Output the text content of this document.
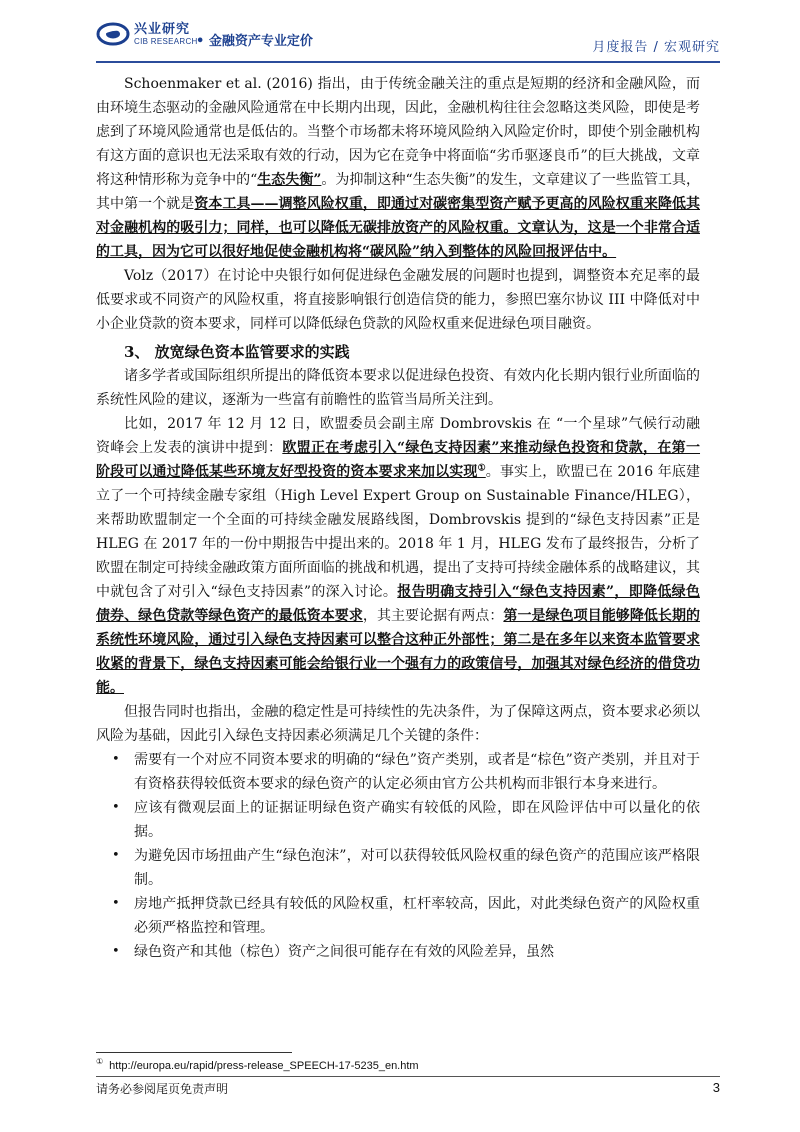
兴业研究
CIB RESEARCH
• 金融资产专业定价	月度报告 / 宏观研究

Schoenmaker et al. (2016) 指出，由于传统金融关注的重点是短期的经济和金融风险，而由环境生态驱动的金融风险通常在中长期内出现，因此，金融机构往往会忽略这类风险，即使是考虑到了环境风险通常也是低估的。当整个市场都未将环境风险纳入风险定价时，即使个别金融机构有这方面的意识也无法采取有效的行动，因为它在竞争中将面临“劣币驱逐良币”的巨大挑战，文章将这种情形称为竞争中的“生态失衡”。为抑制这种“生态失衡”的发生，文章建议了一些监管工具，其中第一个就是资本工具——调整风险权重，即通过对碳密集型资产赋予更高的风险权重来降低其对金融机构的吸引力；同样，也可以降低无碳排放资产的风险权重。文章认为，这是一个非常合适的工具，因为它可以很好地促使金融机构将“碳风险”纳入到整体的风险回报评估中。

Volz（2017）在讨论中央银行如何促进绿色金融发展的问题时也提到，调整资本充足率的最低要求或不同资产的风险权重，将直接影响银行创造信贷的能力，参照巴塞尔协议 III 中降低对中小企业贷款的资本要求，同样可以降低绿色贷款的风险权重来促进绿色项目融资。

3、 放宽绿色资本监管要求的实践

诸多学者或国际组织所提出的降低资本要求以促进绿色投资、有效内化长期内银行业所面临的系统性风险的建议，逐渐为一些富有前瞻性的监管当局所关注到。

比如，2017 年 12 月 12 日，欧盟委员会副主席 Dombrovskis 在 “一个星球”气候行动融资峰会上发表的演讲中提到：欧盟正在考虑引入“绿色支持因素”来推动绿色投资和贷款，在第一阶段可以通过降低某些环境友好型投资的资本要求来加以实现①。事实上，欧盟已在 2016 年底建立了一个可持续金融专家组（High Level Expert Group on Sustainable Finance/HLEG），来帮助欧盟制定一个全面的可持续金融发展路线图，Dombrovskis 提到的“绿色支持因素”正是 HLEG 在 2017 年的一份中期报告中提出来的。2018 年 1 月，HLEG 发布了最终报告，分析了欧盟在制定可持续金融政策方面所面临的挑战和机遇，提出了支持可持续金融体系的战略建议，其中就包含了对引入“绿色支持因素”的深入讨论。报告明确支持引入“绿色支持因素”，即降低绿色债券、绿色贷款等绿色资产的最低资本要求，其主要论据有两点：第一是绿色项目能够降低长期的系统性环境风险，通过引入绿色支持因素可以整合这种正外部性；第二是在多年以来资本监管要求收紧的背景下，绿色支持因素可能会给银行业一个强有力的政策信号，加强其对绿色经济的借贷功能。

但报告同时也指出，金融的稳定性是可持续性的先决条件，为了保障这两点，资本要求必须以风险为基础，因此引入绿色支持因素必须满足几个关键的条件：

• 需要有一个对应不同资本要求的明确的“绿色”资产类别，或者是“棕色”资产类别，并且对于有资格获得较低资本要求的绿色资产的认定必须由官方公共机构而非银行本身来进行。
• 应该有微观层面上的证据证明绿色资产确实有较低的风险，即在风险评估中可以量化的依据。
• 为避免因市场扭曲产生“绿色泡沫”，对可以获得较低风险权重的绿色资产的范围应该严格限制。
• 房地产抵押贷款已经具有较低的风险权重，杠杆率较高，因此，对此类绿色资产的风险权重必须严格监控和管理。
• 绿色资产和其他（棕色）资产之间很可能存在有效的风险差异，虽然
① http://europa.eu/rapid/press-release_SPEECH-17-5235_en.htm
请务必参阅尾页免责声明	3
